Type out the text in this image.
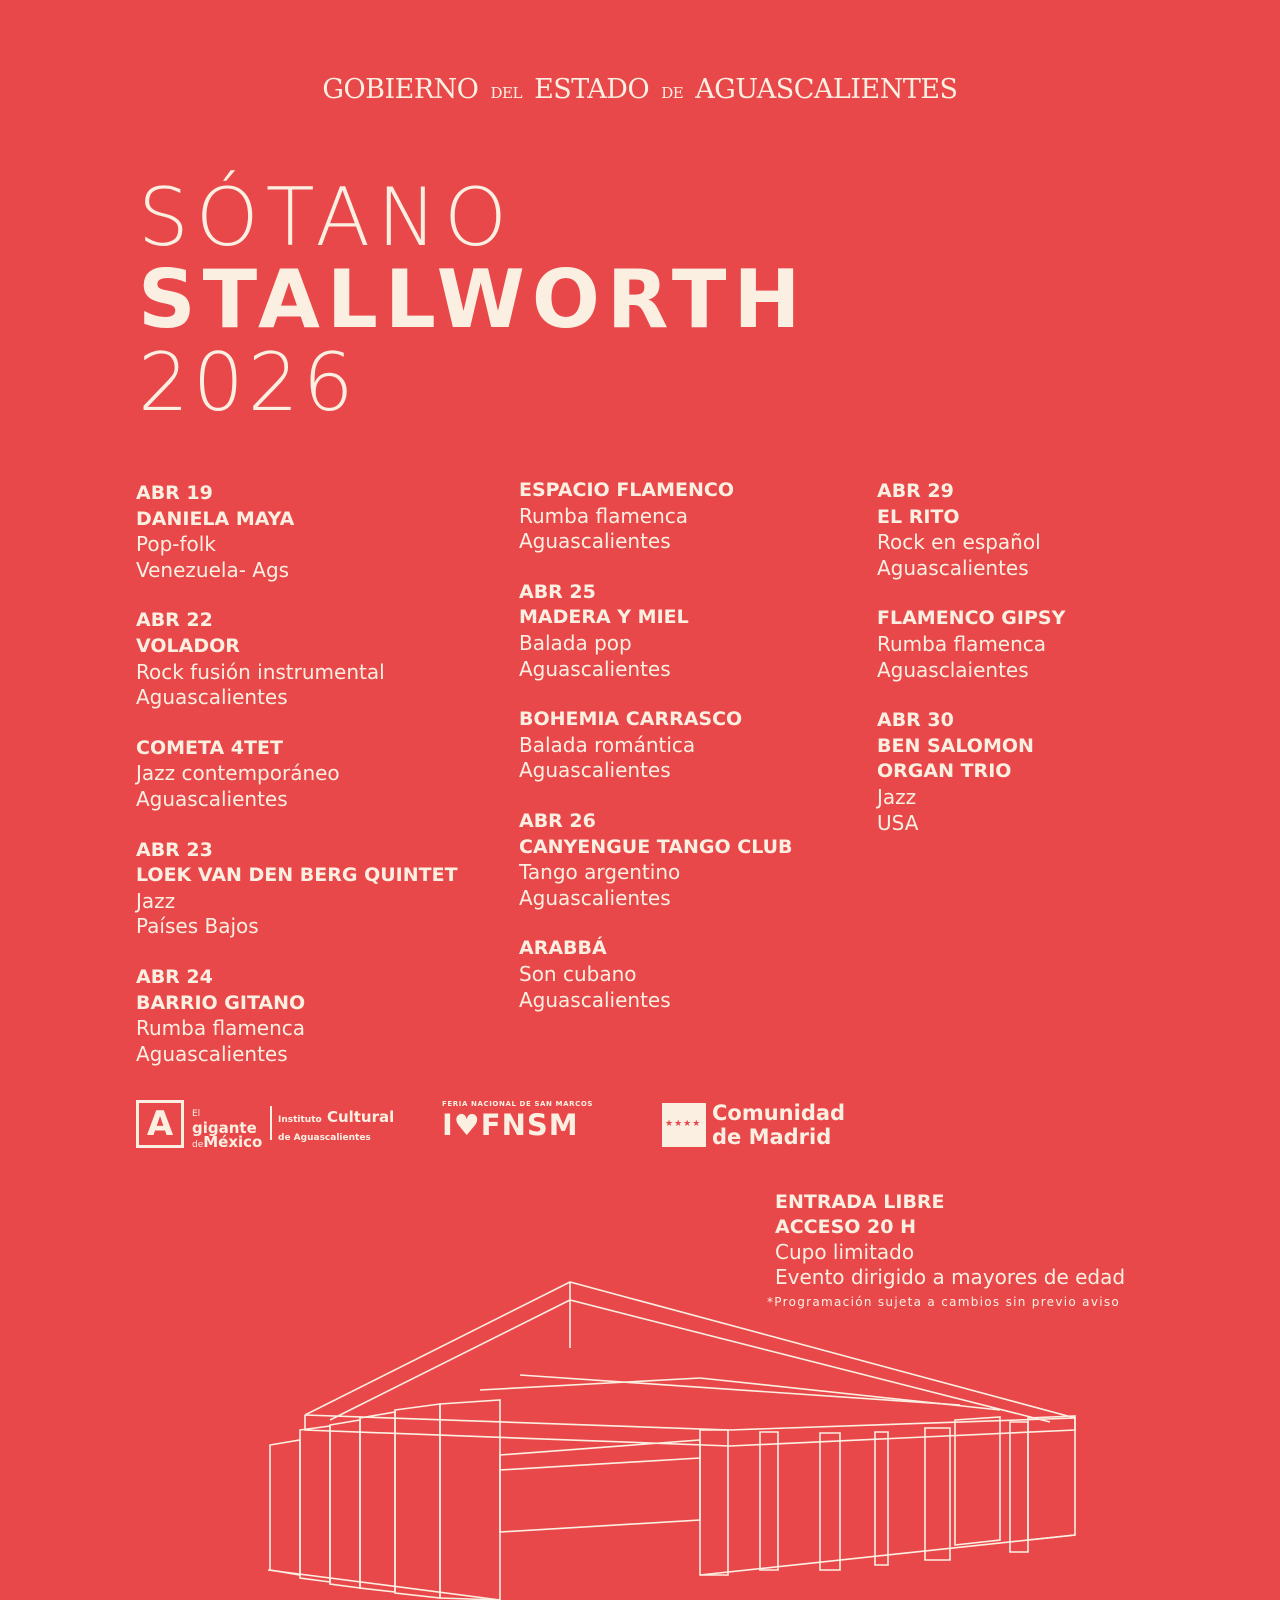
GOBIERNO DEL ESTADO DE AGUASCALIENTES
SÓTANO
STALLWORTH
2026
ABR 19
DANIELA MAYA
Pop-folk
Venezuela- Ags
ABR 22
VOLADOR
Rock fusión instrumental
Aguascalientes
COMETA 4TET
Jazz contemporáneo
Aguascalientes
ABR 23
LOEK VAN DEN BERG QUINTET
Jazz
Países Bajos
ABR 24
BARRIO GITANO
Rumba flamenca
Aguascalientes
ESPACIO FLAMENCO
Rumba flamenca
Aguascalientes
ABR 25
MADERA Y MIEL
Balada pop
Aguascalientes
BOHEMIA CARRASCO
Balada romántica
Aguascalientes
ABR 26
CANYENGUE TANGO CLUB
Tango argentino
Aguascalientes
ARABBÁ
Son cubano
Aguascalientes
ABR 29
EL RITO
Rock en español
Aguascalientes
FLAMENCO GIPSY
Rumba flamenca
Aguasclaientes
ABR 30
BEN SALOMON ORGAN TRIO
Jazz
USA
A	El
gigante
deMéxico
Instituto Cultural
de Aguascalientes
FERIA NACIONAL DE SAN MARCOS
I♥FNSM	★★★★ Comunidad
de Madrid
ENTRADA LIBRE
ACCESO 20 H
Cupo limitado
Evento dirigido a mayores de edad
*Programación sujeta a cambios sin previo aviso
